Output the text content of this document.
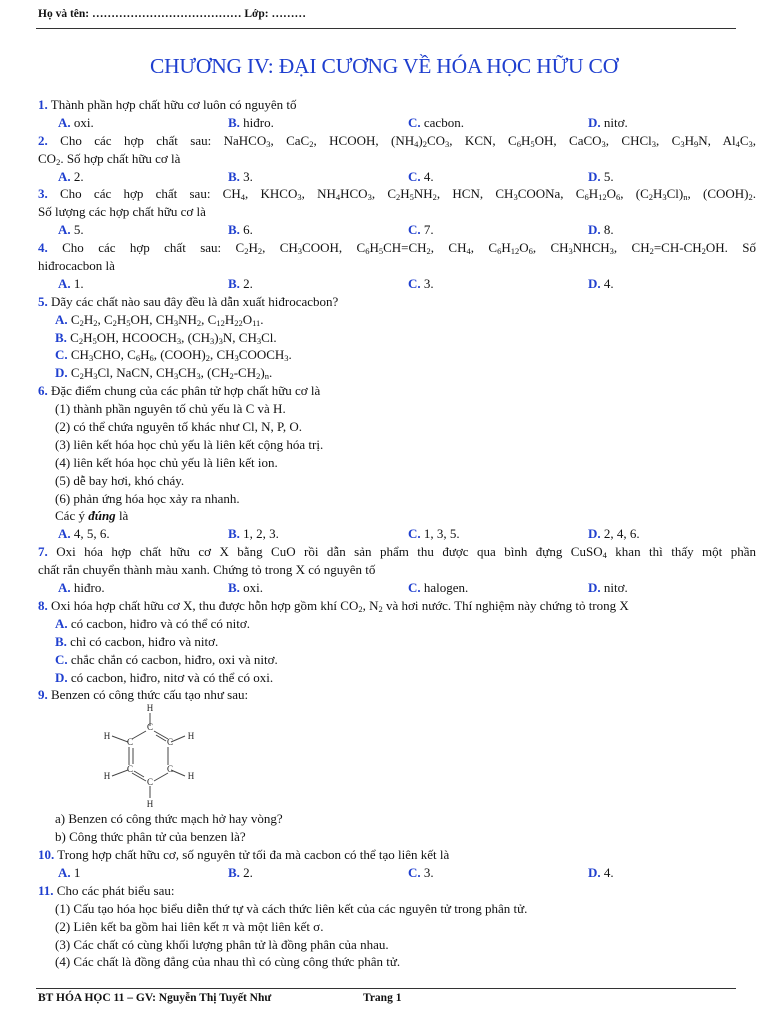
Họ và tên: ………………………………… Lớp: ………
CHƯƠNG IV: ĐẠI CƯƠNG VỀ HÓA HỌC HỮU CƠ
1. Thành phần hợp chất hữu cơ luôn có nguyên tố
A. oxi.	B. hiđro.	C. cacbon.	D. nitơ.
2. Cho các hợp chất sau: NaHCO$_3$, CaC$_2$, HCOOH, $(NH_4)_2CO_3$, KCN, $C_6H_5OH$, CaCO$_3$, CHCl$_3$, $C_3H_9N$, $Al_4C_3$,
$CO_2$. Số hợp chất hữu cơ là
A. 2.	B. 3.	C. 4.	D. 5.
3. Cho các hợp chất sau: $CH_4$, $KHCO_3$, $NH_4HCO_3$, $C_2H_5NH_2$, HCN, $CH_3COONa$, $C_6H_{12}O_6$, $(C_2H_3Cl)_n$, $(COOH)_2$.
Số lượng các hợp chất hữu cơ là
A. 5.	B. 6.	C. 7.	D. 8.
4. Cho các hợp chất sau: $C_2H_2$, $CH_3COOH$, $C_6H_5CH=CH_2$, $CH_4$, $C_6H_{12}O_6$, $CH_3NHCH_3$, $CH_2=CH-CH_2OH$. Số
hiđrocacbon là
A. 1.	B. 2.	C. 3.	D. 4.
5. Dãy các chất nào sau đây đều là dẫn xuất hiđrocacbon?
A. $C_2H_2$, $C_2H_5OH$, $CH_3NH_2$, $C_{12}H_{22}O_{11}$.
B. $C_2H_5OH$, $HCOOCH_3$, $(CH_3)_3N$, $CH_3Cl$.
C. $CH_3CHO$, $C_6H_6$, $(COOH)_2$, $CH_3COOCH_3$.
D. $C_2H_3Cl$, NaCN, $CH_3CH_3$, $(CH_2-CH_2)_n$.
6. Đặc điểm chung của các phân tử hợp chất hữu cơ là
(1) thành phần nguyên tố chủ yếu là C và H.
(2) có thể chứa nguyên tố khác như Cl, N, P, O.
(3) liên kết hóa học chủ yếu là liên kết cộng hóa trị.
(4) liên kết hóa học chủ yếu là liên kết ion.
(5) dễ bay hơi, khó cháy.
(6) phản ứng hóa học xảy ra nhanh.
Các ý đúng là
A. 4, 5, 6.	B. 1, 2, 3.	C. 1, 3, 5.	D. 2, 4, 6.
7. Oxi hóa hợp chất hữu cơ X bằng CuO rồi dẫn sản phẩm thu được qua bình đựng CuSO$_4$ khan thì thấy một phần
chất rắn chuyển thành màu xanh. Chứng tỏ trong X có nguyên tố
A. hiđro.	B. oxi.	C. halogen.	D. nitơ.
8. Oxi hóa hợp chất hữu cơ X, thu được hỗn hợp gồm khí $CO_2$, $N_2$ và hơi nước. Thí nghiệm này chứng tỏ trong X
A. có cacbon, hiđro và có thể có nitơ.
B. chỉ có cacbon, hiđro và nitơ.
C. chắc chắn có cacbon, hiđro, oxi và nitơ.
D. có cacbon, hiđro, nitơ và có thể có oxi.
9. Benzen có công thức cấu tạo như sau:
H
C
H
C	C
H
H
C	C
H
C
H
a) Benzen có công thức mạch hở hay vòng?
b) Công thức phân tử của benzen là?
10. Trong hợp chất hữu cơ, số nguyên tử tối đa mà cacbon có thể tạo liên kết là
A. 1	B. 2.	C. 3.	D. 4.
11. Cho các phát biểu sau:
(1) Cấu tạo hóa học biểu diễn thứ tự và cách thức liên kết của các nguyên tử trong phân tử.
(2) Liên kết ba gồm hai liên kết π và một liên kết σ.
(3) Các chất có cùng khối lượng phân tử là đồng phân của nhau.
(4) Các chất là đồng đẳng của nhau thì có cùng công thức phân tử.
BT HÓA HỌC 11 – GV: Nguyễn Thị Tuyết Như	Trang 1
